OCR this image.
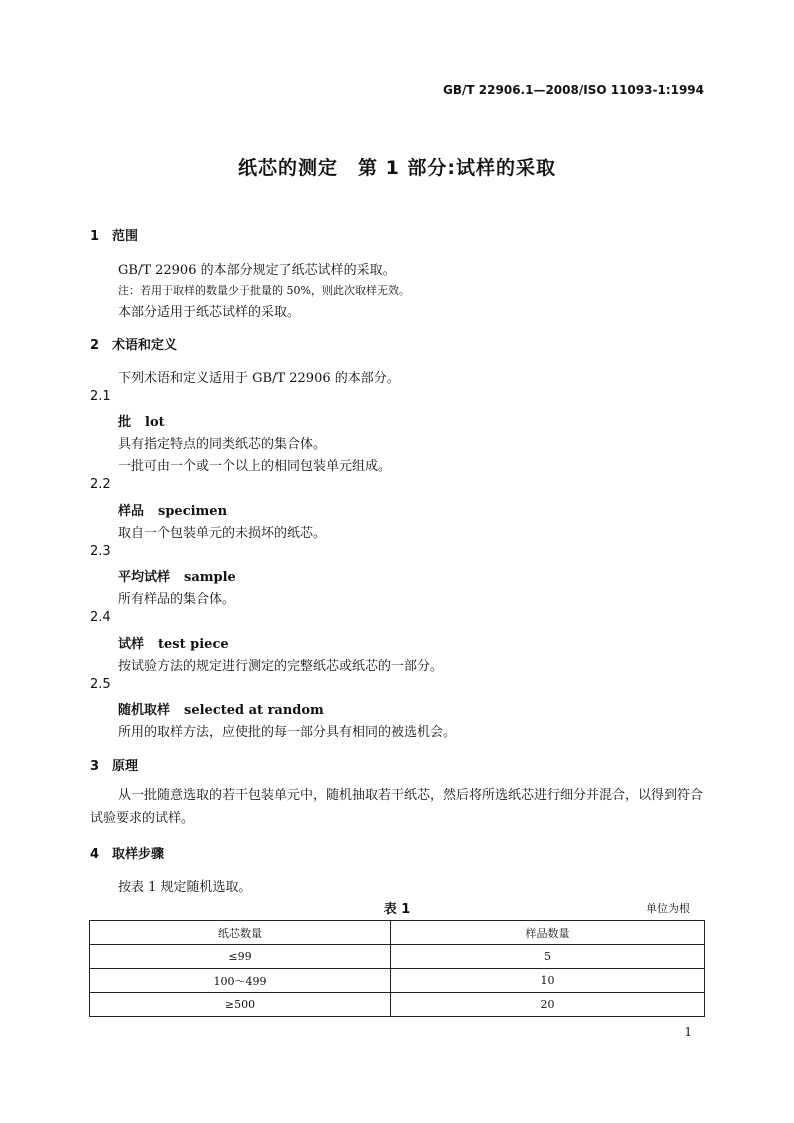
GB/T 22906.1—2008/ISO 11093-1:1994
纸芯的测定　第 1 部分:试样的采取
1 范围
GB/T 22906 的本部分规定了纸芯试样的采取。
注：若用于取样的数量少于批量的 50%，则此次取样无效。
本部分适用于纸芯试样的采取。
2 术语和定义
下列术语和定义适用于 GB/T 22906 的本部分。
2.1
批 lot
具有指定特点的同类纸芯的集合体。
一批可由一个或一个以上的相同包装单元组成。
2.2
样品 specimen
取自一个包装单元的未损坏的纸芯。
2.3
平均试样 sample
所有样品的集合体。
2.4
试样 test piece
按试验方法的规定进行测定的完整纸芯或纸芯的一部分。
2.5
随机取样 selected at random
所用的取样方法，应使批的每一部分具有相同的被选机会。
3 原理
从一批随意选取的若干包装单元中，随机抽取若干纸芯，然后将所选纸芯进行细分并混合，以得到符合试验要求的试样。
4 取样步骤
按表 1 规定随机选取。
表 1	单位为根
纸芯数量	样品数量
≤99	5
100～499	10
≥500	20
1
